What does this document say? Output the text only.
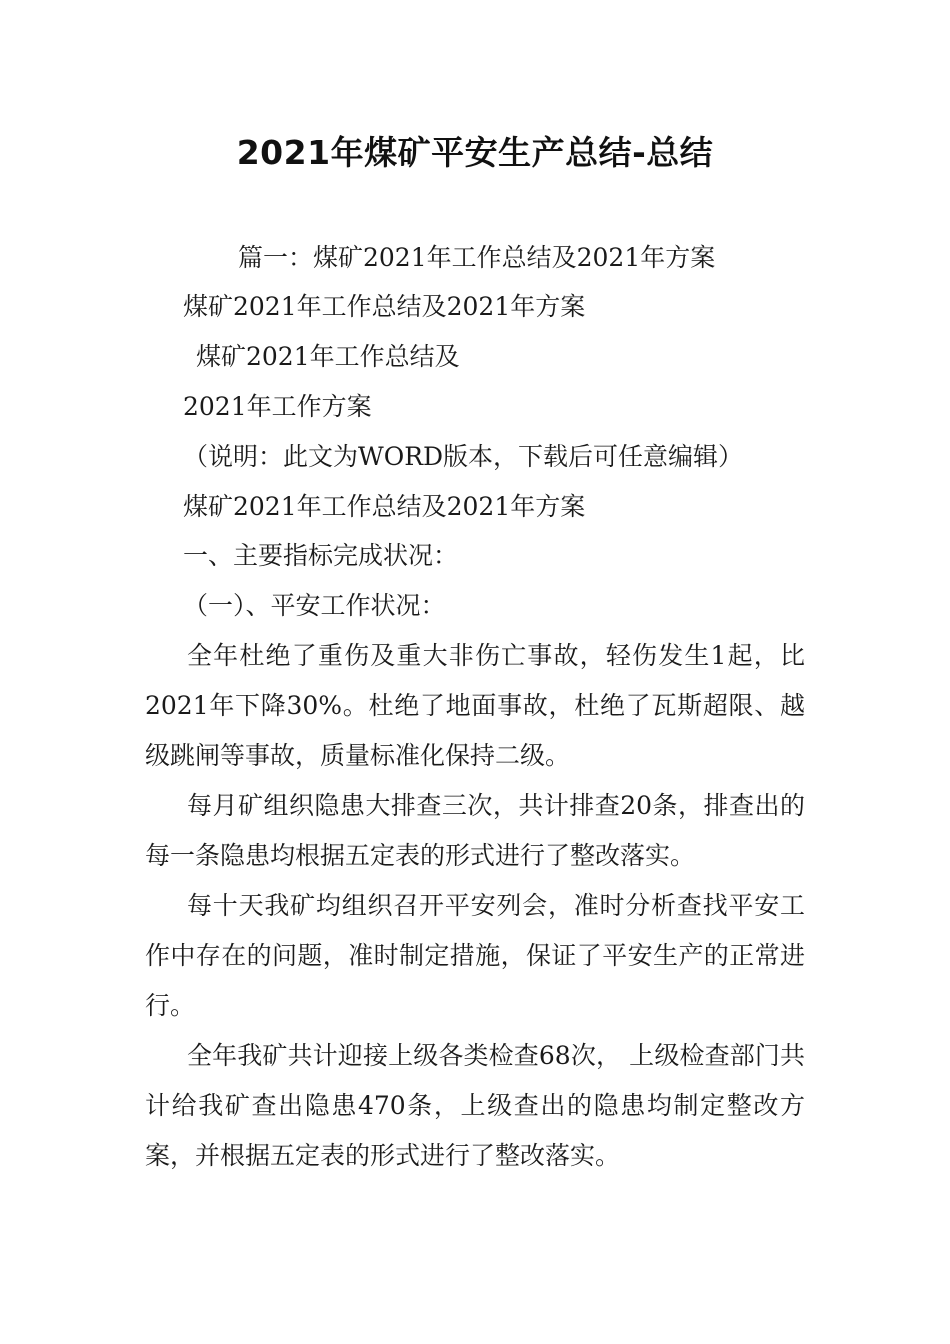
2021年煤矿平安生产总结-总结
篇一：煤矿2021年工作总结及2021年方案
煤矿2021年工作总结及2021年方案
煤矿2021年工作总结及
2021年工作方案
（说明：此文为WORD版本，下载后可任意编辑）
煤矿2021年工作总结及2021年方案
一、主要指标完成状况：
（一）、平安工作状况：
全年杜绝了重伤及重大非伤亡事故，轻伤发生1起，比2021年下降30%。杜绝了地面事故，杜绝了瓦斯超限、越级跳闸等事故，质量标准化保持二级。
每月矿组织隐患大排查三次，共计排查20条，排查出的每一条隐患均根据五定表的形式进行了整改落实。
每十天我矿均组织召开平安列会，准时分析查找平安工作中存在的问题，准时制定措施，保证了平安生产的正常进行。
全年我矿共计迎接上级各类检查68次， 上级检查部门共计给我矿查出隐患470条，上级查出的隐患均制定整改方案，并根据五定表的形式进行了整改落实。
